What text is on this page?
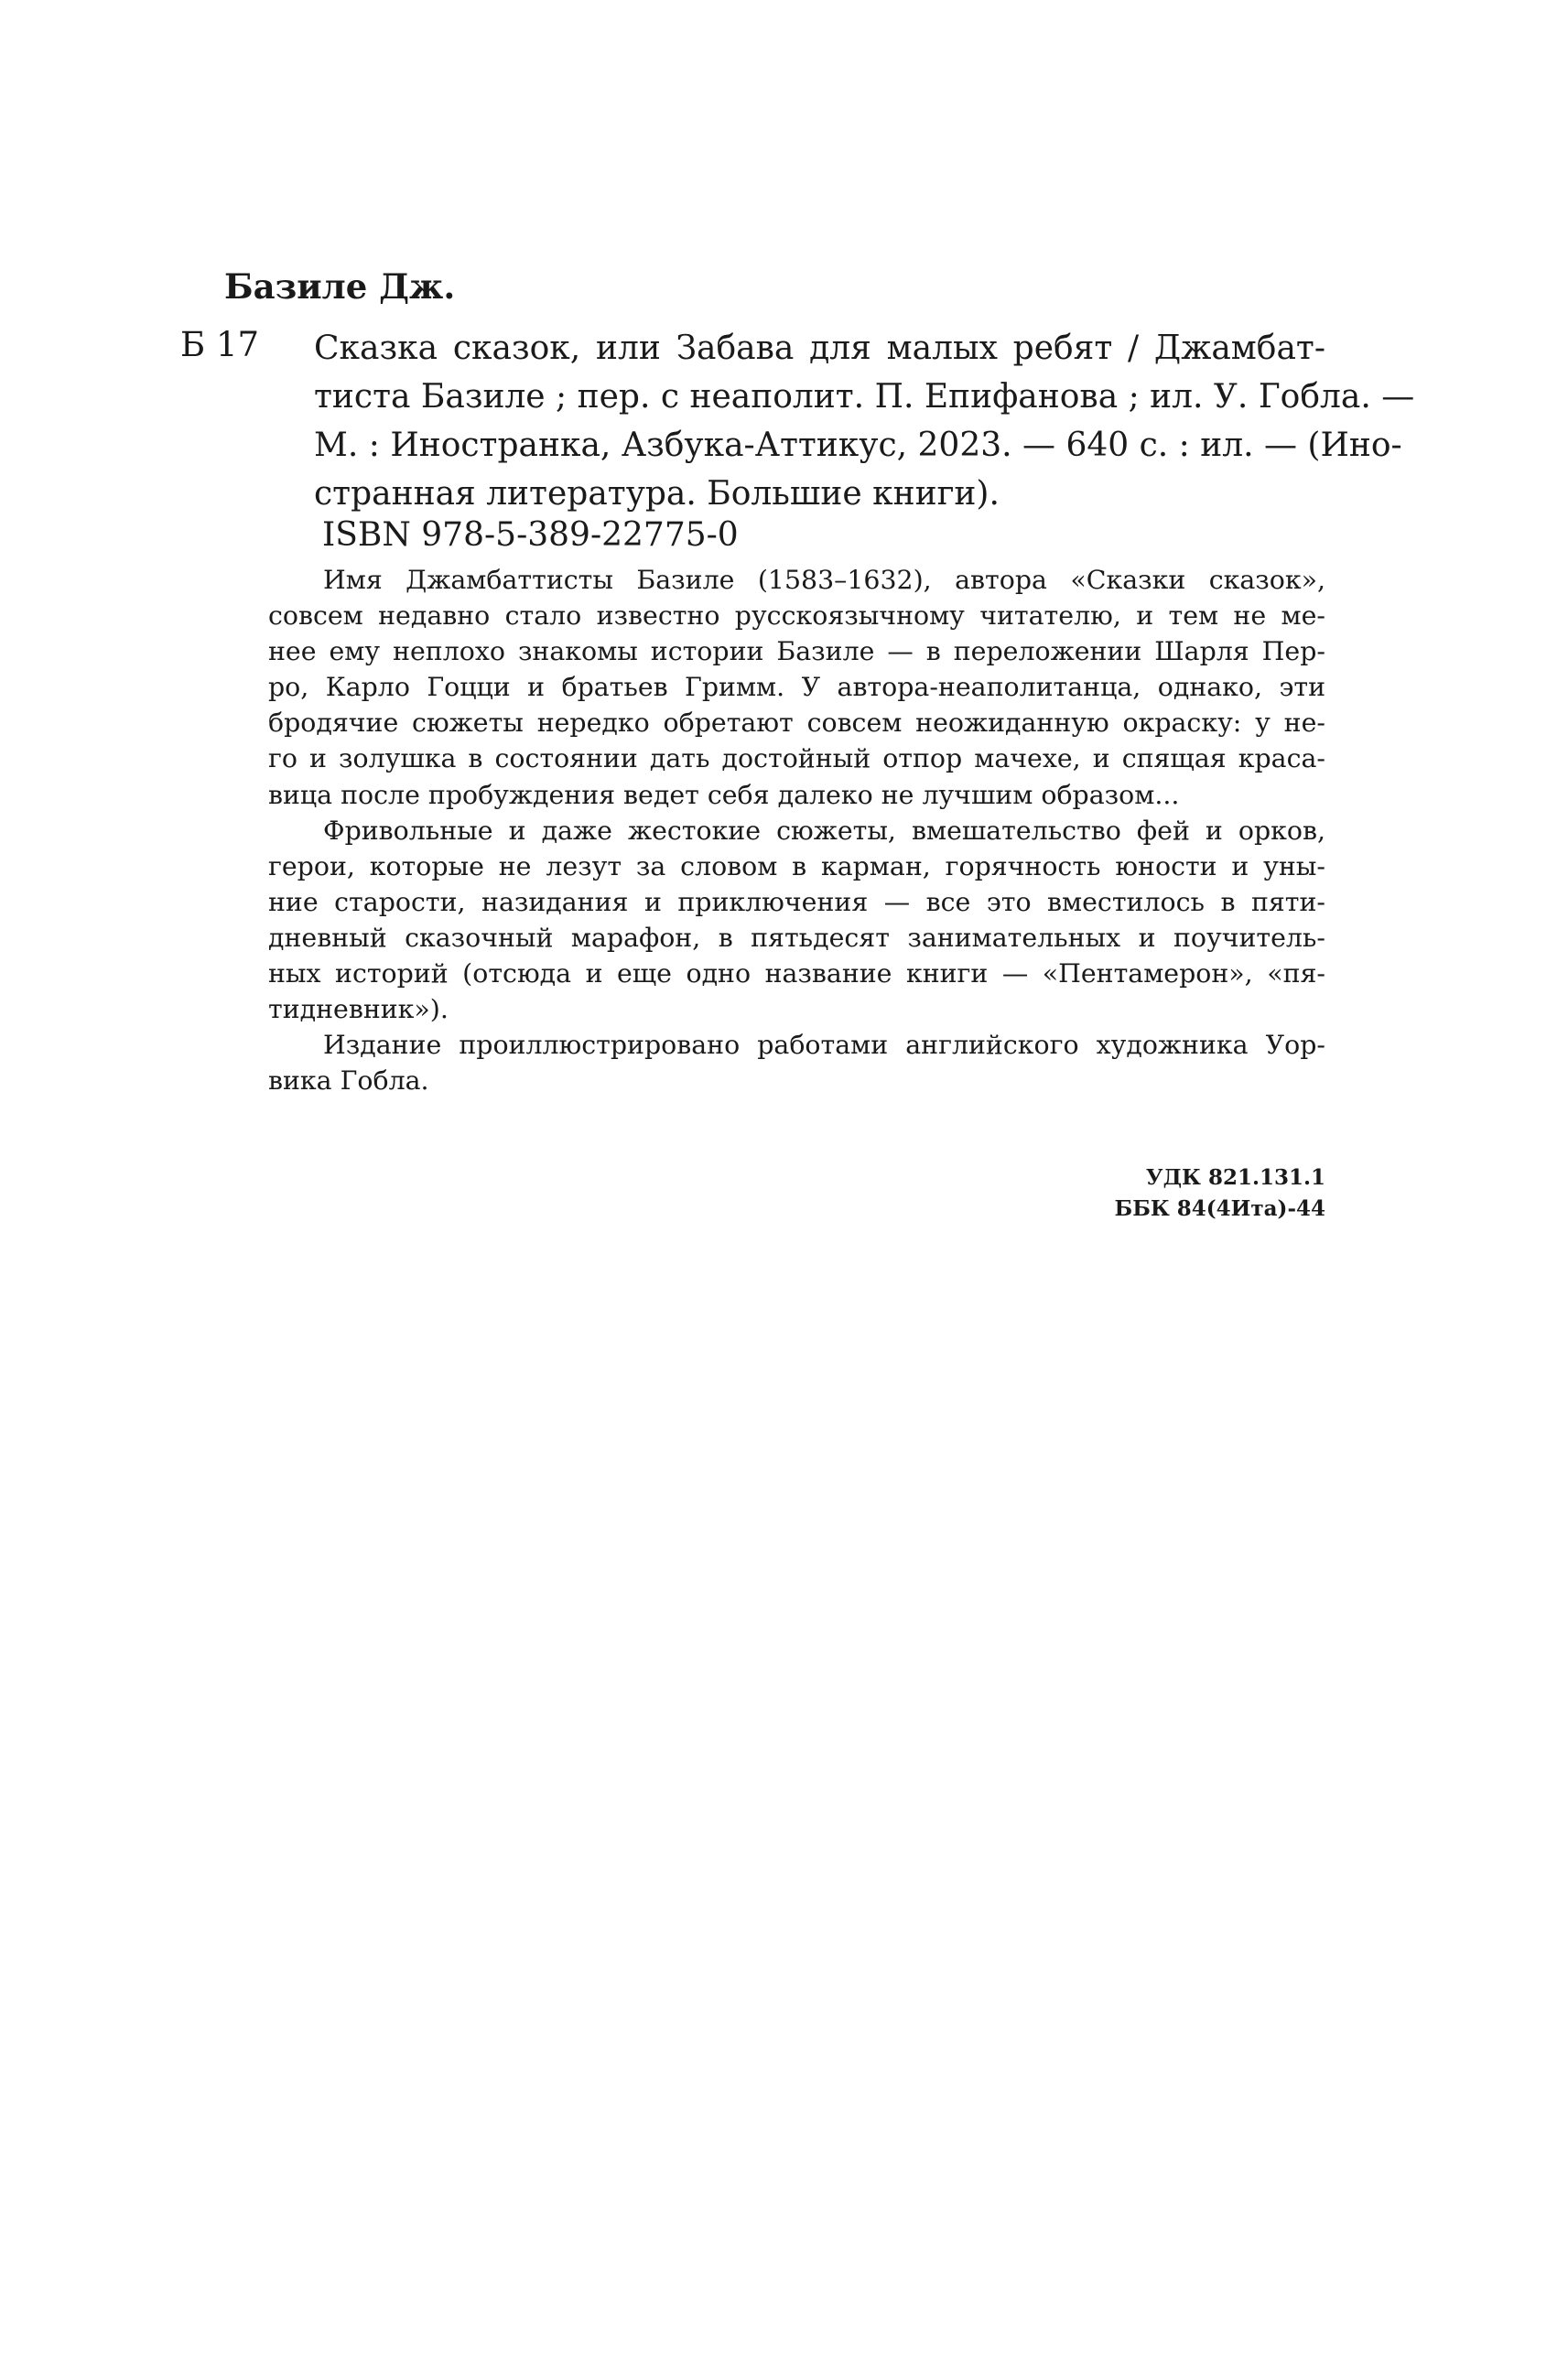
Базиле Дж.
Б 17 Сказка сказок, или Забава для малых ребят / Джамбат-
тиста Базиле ; пер. с неаполит. П. Епифанова ; ил. У. Гобла. —
М. : Иностранка, Азбука-Аттикус, 2023. — 640 с. : ил. — (Ино-
странная литература. Большие книги).
ISBN 978-5-389-22775-0
Имя Джамбаттисты Базиле (1583–1632), автора «Сказки сказок»,
совсем недавно стало известно русскоязычному читателю, и тем не ме-
нее ему неплохо знакомы истории Базиле — в переложении Шарля Пер-
ро, Карло Гоцци и братьев Гримм. У автора-неаполитанца, однако, эти
бродячие сюжеты нередко обретают совсем неожиданную окраску: у не-
го и золушка в состоянии дать достойный отпор мачехе, и спящая краса-
вица после пробуждения ведет себя далеко не лучшим образом...
Фривольные и даже жестокие сюжеты, вмешательство фей и орков,
герои, которые не лезут за словом в карман, горячность юности и уны-
ние старости, назидания и приключения — все это вместилось в пяти-
дневный сказочный марафон, в пятьдесят занимательных и поучитель-
ных историй (отсюда и еще одно название книги — «Пентамерон», «пя-
тидневник»).
Издание проиллюстрировано работами английского художника Уор-
вика Гобла.
УДК 821.131.1
ББК 84(4Ита)-44
